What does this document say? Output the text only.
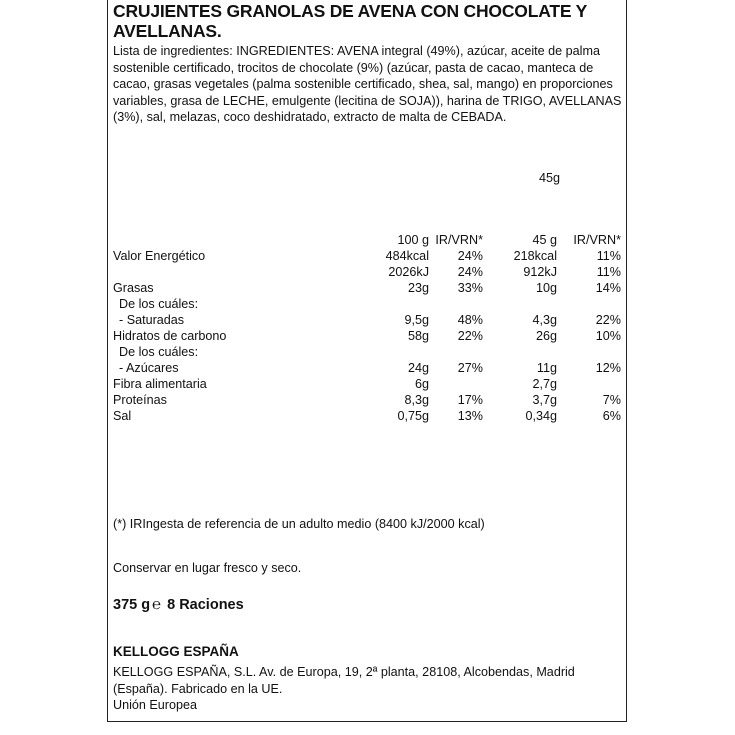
CRUJIENTES GRANOLAS DE AVENA CON CHOCOLATE Y
AVELLANAS.
Lista de ingredientes: INGREDIENTES: AVENA integral (49%), azúcar, aceite de palma sostenible certificado, trocitos de chocolate (9%) (azúcar, pasta de cacao, manteca de cacao, grasas vegetales (palma sostenible certificado, shea, sal, mango) en proporciones variables, grasa de LECHE, emulgente (lecitina de SOJA)), harina de TRIGO, AVELLANAS (3%), sal, melazas, coco deshidratado, extracto de malta de CEBADA.
45g
100 g IR/VRN*	45 g IR/VRN*
Valor Energético	484kcal 24% 218kcal	11%
2026kJ 24%	912kJ	11%
Grasas	23g 33%	10g	14%
De los cuáles:
- Saturadas	9,5g 48%	4,3g	22%
Hidratos de carbono	58g 22%	26g	10%
De los cuáles:
- Azúcares	24g 27%	11g	12%
Fibra alimentaria	6g	2,7g
Proteínas	8,3g 17%	3,7g	7%
Sal	0,75g 13%	0,34g	6%
(*) IRIngesta de referencia de un adulto medio (8400 kJ/2000 kcal)
Conservar en lugar fresco y seco.
375 g ℮ 8 Raciones
KELLOGG ESPAÑA
KELLOGG ESPAÑA, S.L. Av. de Europa, 19, 2ª planta, 28108, Alcobendas, Madrid (España). Fabricado en la UE.
Unión Europea
